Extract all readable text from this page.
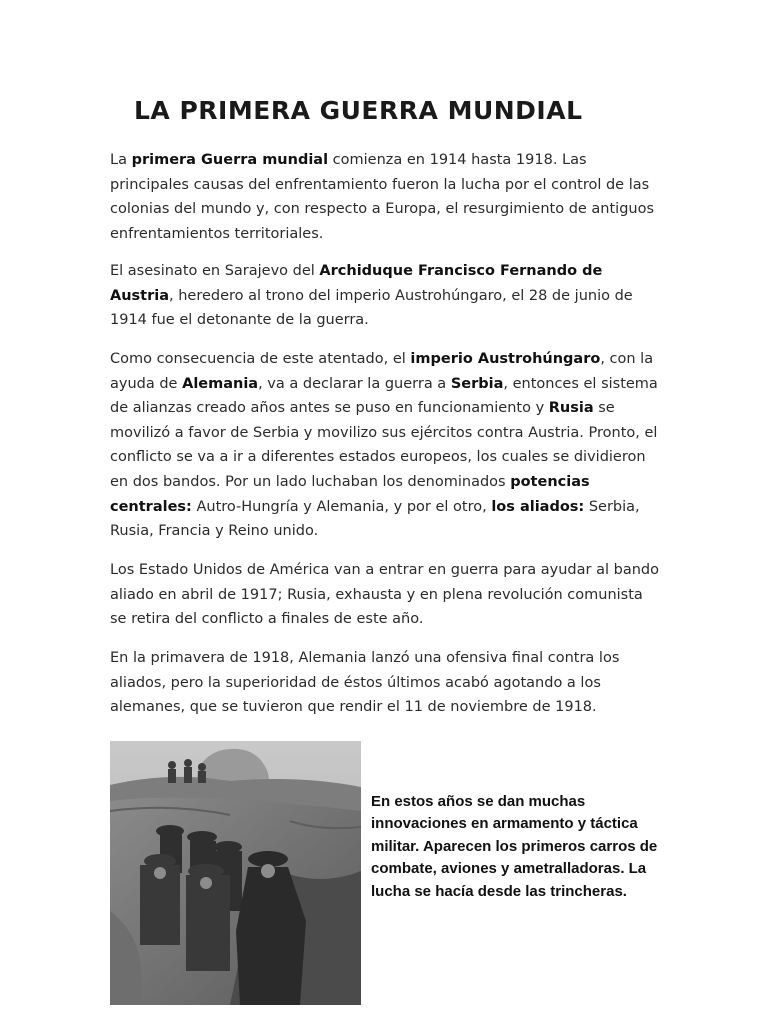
LA PRIMERA GUERRA MUNDIAL

La primera Guerra mundial comienza en 1914 hasta 1918. Las principales causas del enfrentamiento fueron la lucha por el control de las colonias del mundo y, con respecto a Europa, el resurgimiento de antiguos enfrentamientos territoriales.

El asesinato en Sarajevo del Archiduque Francisco Fernando de Austria, heredero al trono del imperio Austrohúngaro, el 28 de junio de 1914 fue el detonante de la guerra.

Como consecuencia de este atentado, el imperio Austrohúngaro, con la ayuda de Alemania, va a declarar la guerra a Serbia, entonces el sistema de alianzas creado años antes se puso en funcionamiento y Rusia se movilizó a favor de Serbia y movilizo sus ejércitos contra Austria. Pronto, el conflicto se va a ir a diferentes estados europeos, los cuales se dividieron en dos bandos. Por un lado luchaban los denominados potencias centrales: Autro-Hungría y Alemania, y por el otro, los aliados: Serbia, Rusia, Francia y Reino unido.

Los Estado Unidos de América van a entrar en guerra para ayudar al bando aliado en abril de 1917; Rusia, exhausta y en plena revolución comunista se retira del conflicto a finales de este año.

En la primavera de 1918, Alemania lanzó una ofensiva final contra los aliados, pero la superioridad de éstos últimos acabó agotando a los alemanes, que se tuvieron que rendir el 11 de noviembre de 1918.

En estos años se dan muchas innovaciones en armamento y táctica militar. Aparecen los primeros carros de combate, aviones y ametralladoras. La lucha se hacía desde las trincheras.
